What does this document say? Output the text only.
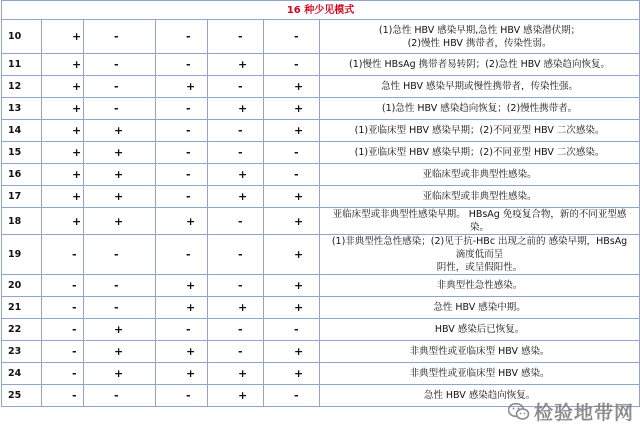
16 种少见模式						
10	+	-	-	-	-	(1)急性 HBV 感染早期,急性 HBV 感染潜伏期；
(2)慢性 HBV 携带者，传染性弱。

11	+	-	-	+	-	(1)慢性 HBsAg 携带者易转阴；(2)急性 HBV 感染趋向恢复。

12	+	-	+	-	+	急性 HBV 感染早期或慢性携带者，传染性强。

13	+	-	-	+	+	(1)急性 HBV 感染趋向恢复；(2)慢性携带者。

14	+	+	-	-	+	(1)亚临床型 HBV 感染早期；(2)不同亚型 HBV 二次感染。

15	+	+	-	-	-	(1)亚临床型 HBV 感染早期；(2)不同亚型 HBV 二次感染。

16	+	+	-	+	-	亚临床型或非典型性感染。

17	+	+	-	+	+	亚临床型或非典型性感染。

18	+	+	+	-	+	亚临床型或非典型性感染早期。 HBsAg 免疫复合物，新的不同亚型感染。

19	-	-	-	-	+	(1)非典型性急性感染；(2)见于抗-HBc 出现之前的 感染早期，HBsAg 滴度低而呈
阴性，或呈假阳性。

20	-	-	+	-	+	非典型性急性感染。

21	-	-	+	+	+	急性 HBV 感染中期。

22	-	+	-	-	-	HBV 感染后已恢复。

23	-	+	+	-	+	非典型性或亚临床型 HBV 感染。

24	-	+	+	+	+	非典型性或亚临床型 HBV 感染。

25	-	-	-	+	-	急性 HBV 感染趋向恢复。
检验地带网
